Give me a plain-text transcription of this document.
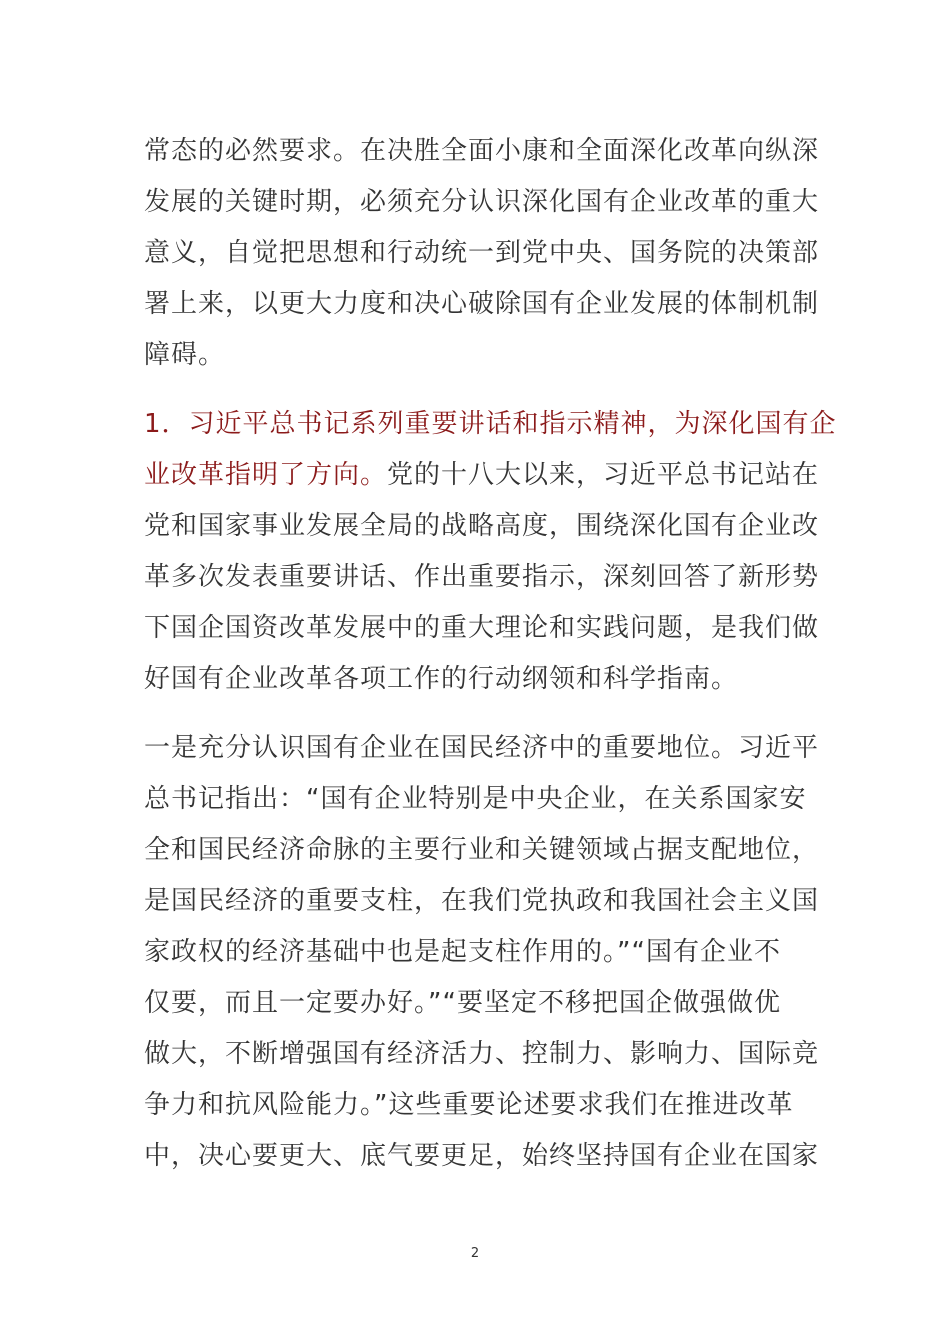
常态的必然要求。在决胜全面小康和全面深化改革向纵深
发展的关键时期，必须充分认识深化国有企业改革的重大
意义，自觉把思想和行动统一到党中央、国务院的决策部
署上来，以更大力度和决心破除国有企业发展的体制机制
障碍。
1．习近平总书记系列重要讲话和指示精神，为深化国有企
业改革指明了方向。党的十八大以来，习近平总书记站在
党和国家事业发展全局的战略高度，围绕深化国有企业改
革多次发表重要讲话、作出重要指示，深刻回答了新形势
下国企国资改革发展中的重大理论和实践问题，是我们做
好国有企业改革各项工作的行动纲领和科学指南。
一是充分认识国有企业在国民经济中的重要地位。习近平
总书记指出：“国有企业特别是中央企业，在关系国家安
全和国民经济命脉的主要行业和关键领域占据支配地位，
是国民经济的重要支柱，在我们党执政和我国社会主义国
家政权的经济基础中也是起支柱作用的。”“国有企业不
仅要，而且一定要办好。”“要坚定不移把国企做强做优
做大，不断增强国有经济活力、控制力、影响力、国际竞
争力和抗风险能力。”这些重要论述要求我们在推进改革
中，决心要更大、底气要更足，始终坚持国有企业在国家
2
